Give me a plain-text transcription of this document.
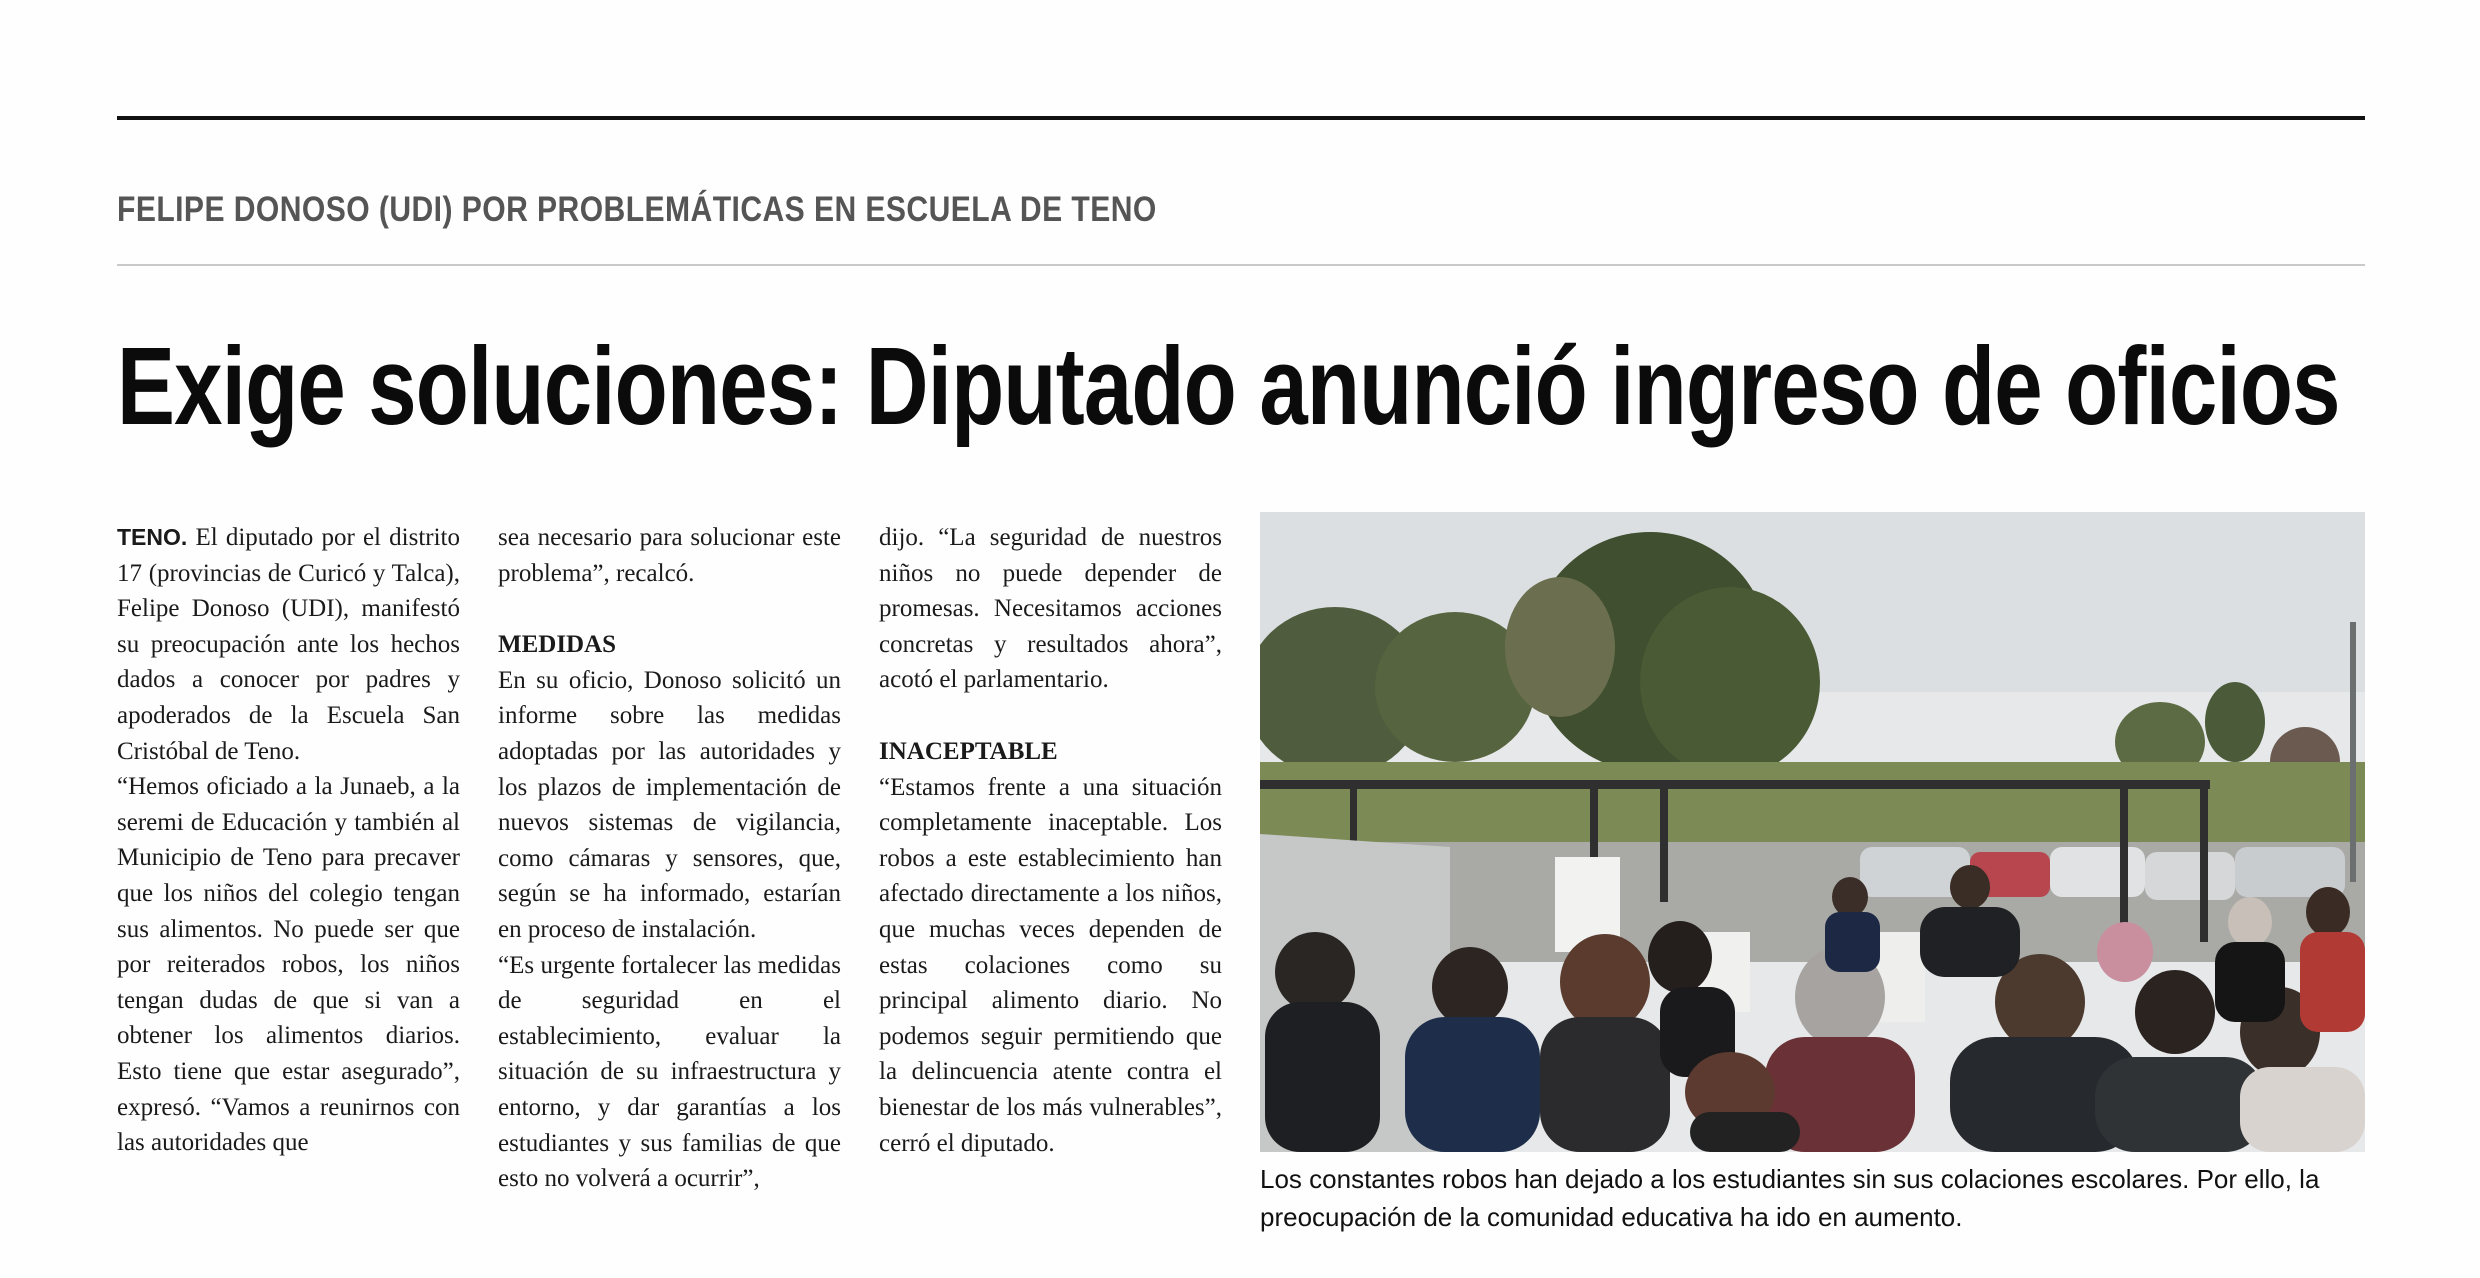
FELIPE DONOSO (UDI) POR PROBLEMÁTICAS EN ESCUELA DE TENO
Exige soluciones: Diputado anunció ingreso de oficios

TENO. El diputado por el distrito 17 (provincias de Curicó y Talca), Felipe Donoso (UDI), manifestó su preocupación ante los hechos dados a conocer por padres y apoderados de la Escuela San Cristóbal de Teno.

“Hemos oficiado a la Junaeb, a la seremi de Educación y también al Municipio de Teno para precaver que los niños del colegio tengan sus alimentos. No puede ser que por reiterados robos, los niños tengan dudas de que si van a obtener los alimentos diarios. Esto tiene que estar asegurado”, expresó. “Vamos a reunirnos con las autoridades que

sea necesario para solucionar este problema”, recalcó.

MEDIDAS

En su oficio, Donoso solicitó un informe sobre las medidas adoptadas por las autoridades y los plazos de implementación de nuevos sistemas de vigilancia, como cámaras y sensores, que, según se ha informado, estarían en proceso de instalación.

“Es urgente fortalecer las medidas de seguridad en el establecimiento, evaluar la situación de su infraestructura y entorno, y dar garantías a los estudiantes y sus familias de que esto no volverá a ocurrir”,

dijo. “La seguridad de nuestros niños no puede depender de promesas. Necesitamos acciones concretas y resultados ahora”, acotó el parlamentario.

INACEPTABLE

“Estamos frente a una situación completamente inaceptable. Los robos a este establecimiento han afectado directamente a los niños, que muchas veces dependen de estas colaciones como su principal alimento diario. No podemos seguir permitiendo que la delincuencia atente contra el bienestar de los más vulnerables”, cerró el diputado.

Los constantes robos han dejado a los estudiantes sin sus colaciones escolares. Por ello, la preocupación de la comunidad educativa ha ido en aumento.
